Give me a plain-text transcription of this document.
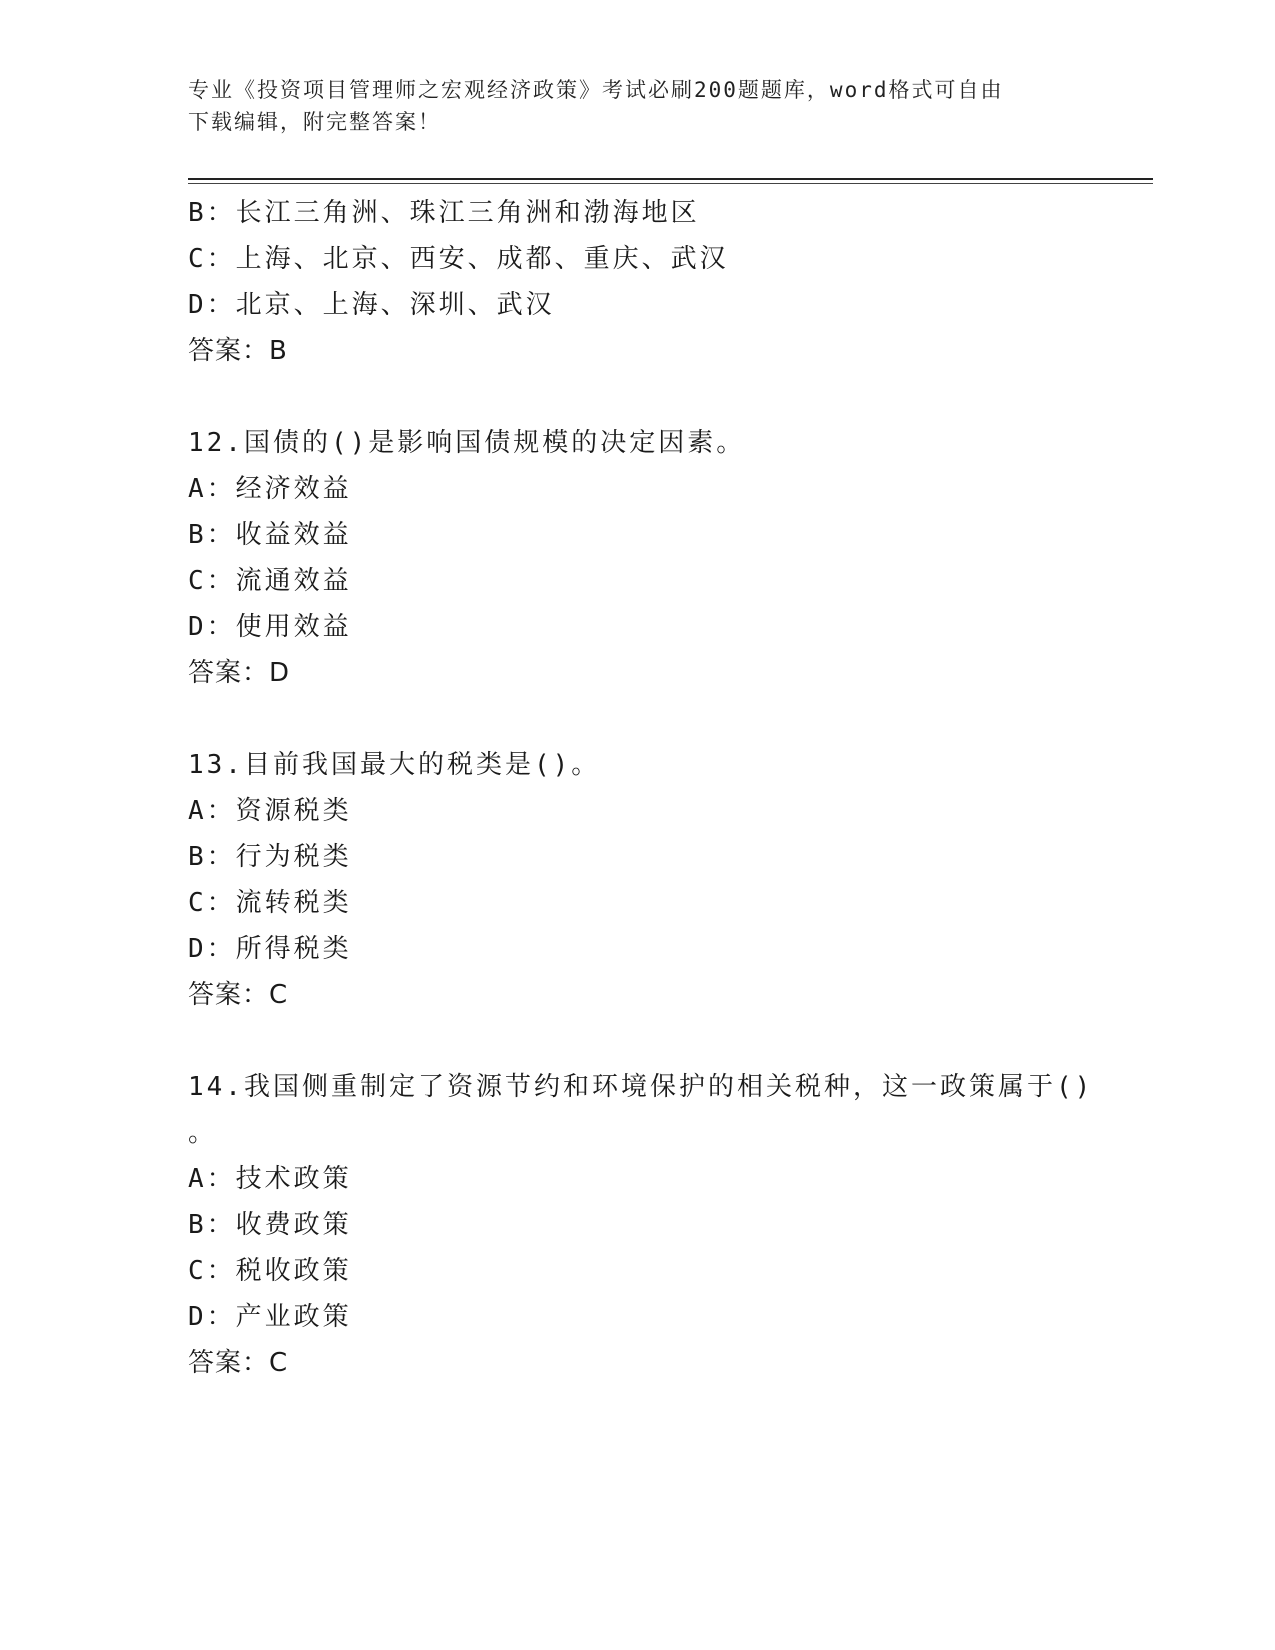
专业《投资项目管理师之宏观经济政策》考试必刷200题题库，word格式可自由
下载编辑，附完整答案！
B：长江三角洲、珠江三角洲和渤海地区
C：上海、北京、西安、成都、重庆、武汉
D：北京、上海、深圳、武汉
答案：B
12.国债的()是影响国债规模的决定因素。
A：经济效益
B：收益效益
C：流通效益
D：使用效益
答案：D
13.目前我国最大的税类是()。
A：资源税类
B：行为税类
C：流转税类
D：所得税类
答案：C
14.我国侧重制定了资源节约和环境保护的相关税种，这一政策属于()
。
A：技术政策
B：收费政策
C：税收政策
D：产业政策
答案：C
